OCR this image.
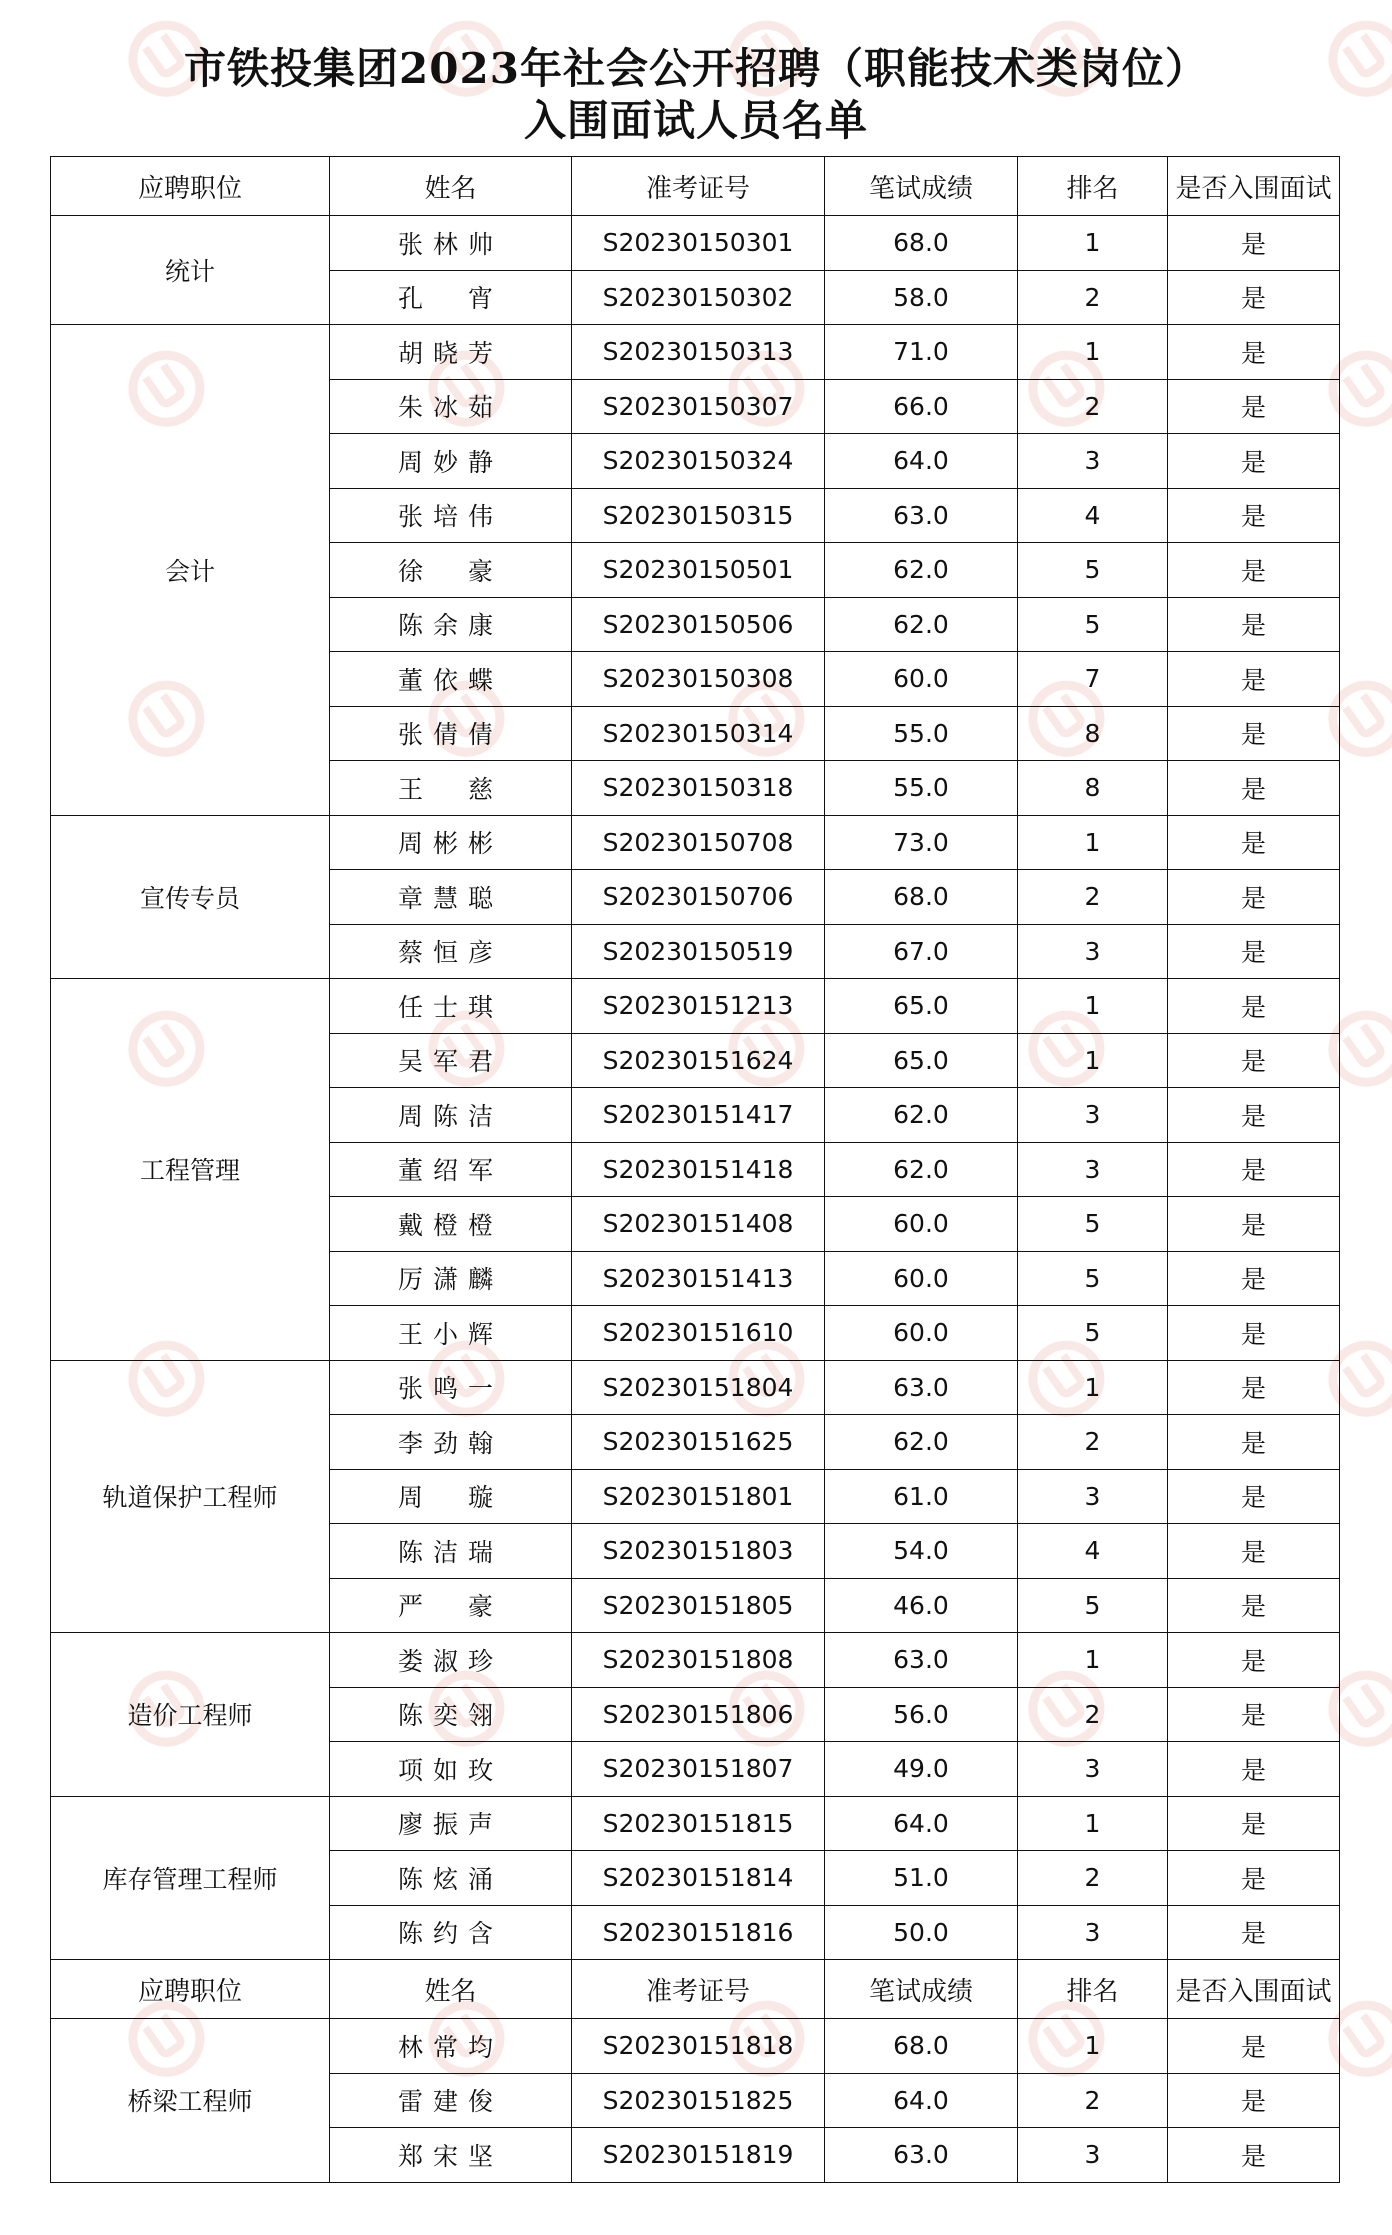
市铁投集团2023年社会公开招聘（职能技术类岗位）
入围面试人员名单
应聘职位	姓名	准考证号	笔试成绩	排名	是否入围面试
统计	张林帅	S20230150301	68.0	1	是
	孔　宵	S20230150302	58.0	2	是
会计	胡晓芳	S20230150313	71.0	1	是
	朱冰茹	S20230150307	66.0	2	是
	周妙静	S20230150324	64.0	3	是
	张培伟	S20230150315	63.0	4	是
	徐　豪	S20230150501	62.0	5	是
	陈余康	S20230150506	62.0	5	是
	董依蝶	S20230150308	60.0	7	是
	张倩倩	S20230150314	55.0	8	是
	王　慈	S20230150318	55.0	8	是
宣传专员	周彬彬	S20230150708	73.0	1	是
	章慧聪	S20230150706	68.0	2	是
	蔡恒彦	S20230150519	67.0	3	是
工程管理	任士琪	S20230151213	65.0	1	是
	吴军君	S20230151624	65.0	1	是
	周陈洁	S20230151417	62.0	3	是
	董绍军	S20230151418	62.0	3	是
	戴橙橙	S20230151408	60.0	5	是
	厉潇麟	S20230151413	60.0	5	是
	王小辉	S20230151610	60.0	5	是
轨道保护工程师	张鸣一	S20230151804	63.0	1	是
	李劲翰	S20230151625	62.0	2	是
	周　璇	S20230151801	61.0	3	是
	陈洁瑞	S20230151803	54.0	4	是
	严　豪	S20230151805	46.0	5	是
造价工程师	娄淑珍	S20230151808	63.0	1	是
	陈奕翎	S20230151806	56.0	2	是
	项如玫	S20230151807	49.0	3	是
库存管理工程师	廖振声	S20230151815	64.0	1	是
	陈炫涌	S20230151814	51.0	2	是
	陈约含	S20230151816	50.0	3	是
应聘职位	姓名	准考证号	笔试成绩	排名	是否入围面试
桥梁工程师	林常均	S20230151818	68.0	1	是
	雷建俊	S20230151825	64.0	2	是
	郑宋坚	S20230151819	63.0	3	是
